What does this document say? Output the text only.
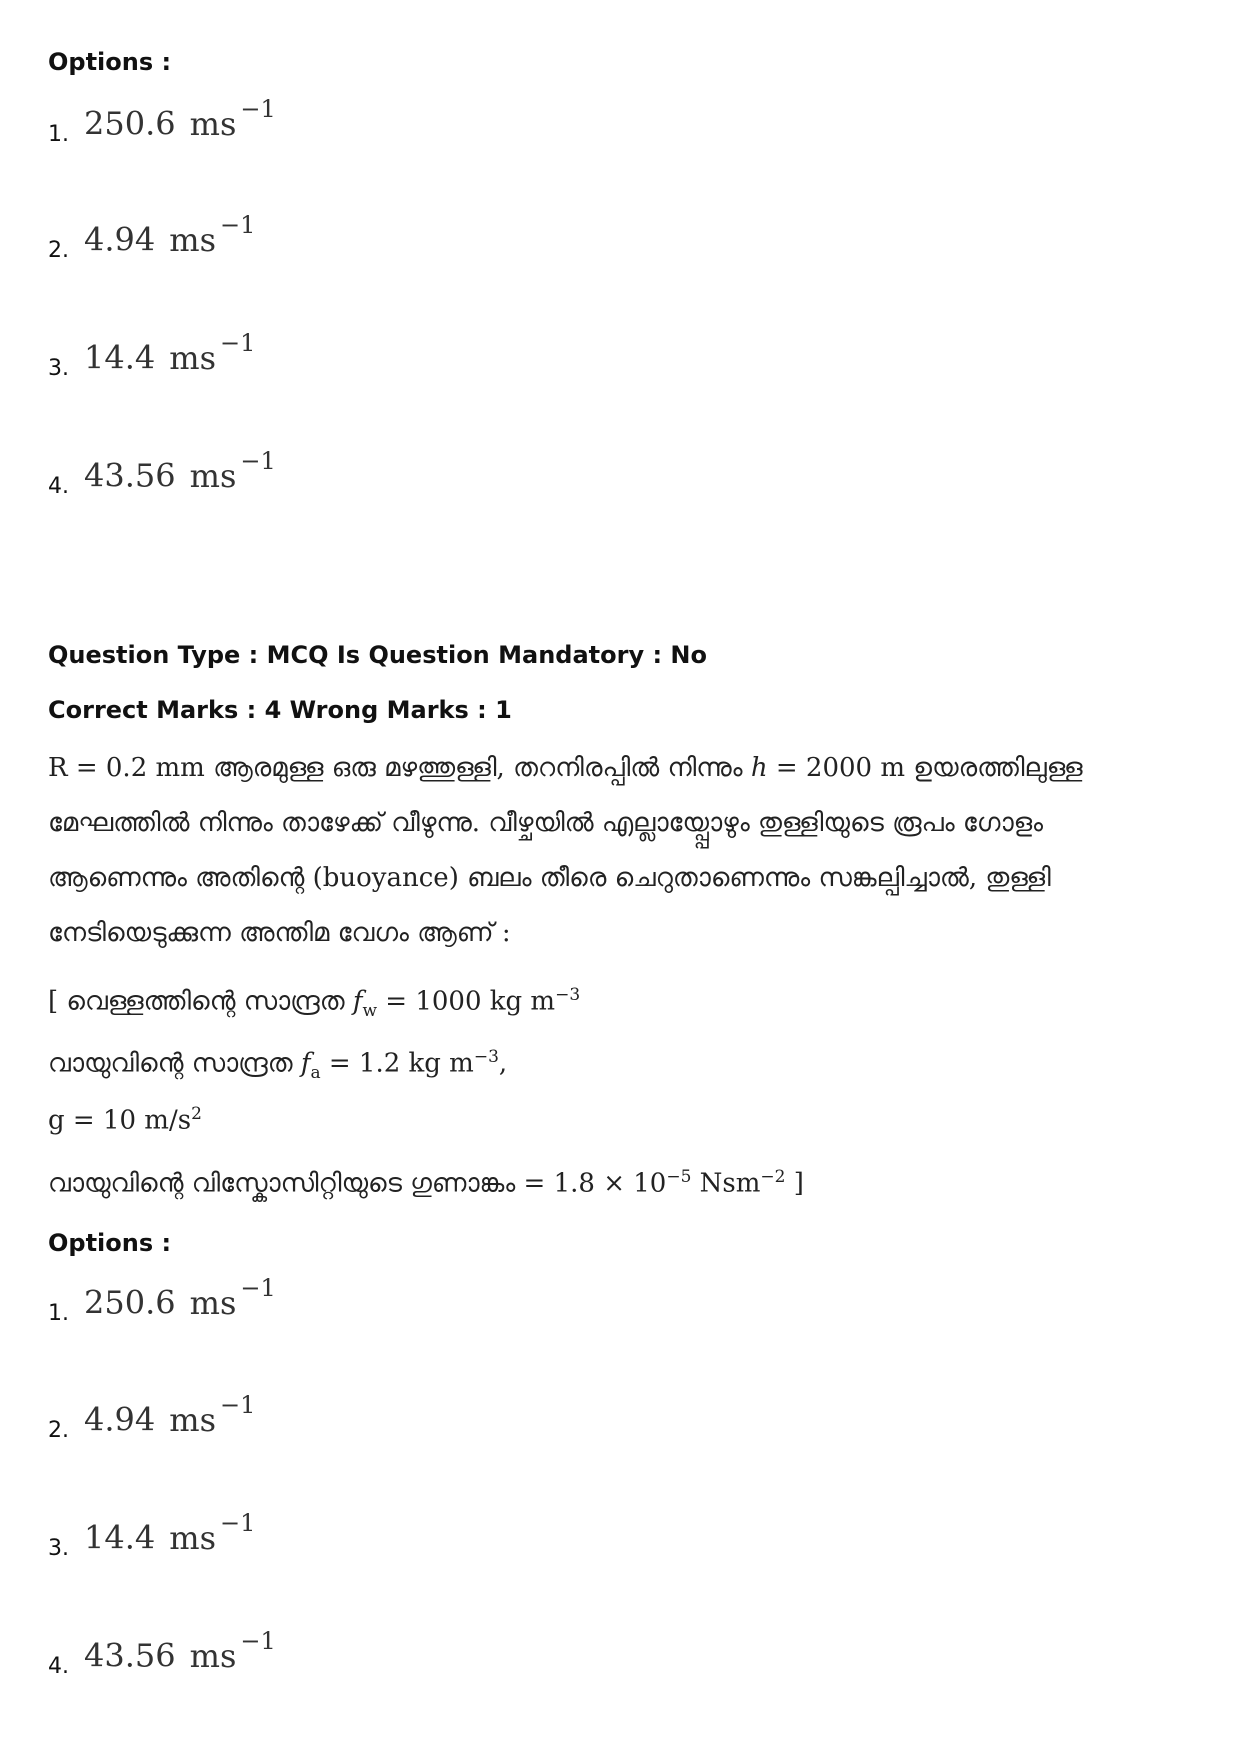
Options :
1. 250.6 ms $^{-1}$
2. 4.94 ms $^{-1}$
3. 14.4 ms $^{-1}$
4. 43.56 ms $^{-1}$
Question Type : MCQ Is Question Mandatory : No
Correct Marks : 4 Wrong Marks : 1
R = 0.2 mm ആരമുള്ള ഒരു മഴത്തുള്ളി, തറനിരപ്പിൽ നിന്നും h = 2000 m ഉയരത്തിലുള്ള
മേഘത്തിൽ നിന്നും താഴേക്ക് വീഴുന്നു. വീഴ്ചയിൽ എല്ലായ്പ്പോഴും തുള്ളിയുടെ രൂപം ഗോളം
ആണെന്നും അതിന്റെ (buoyance) ബലം തീരെ ചെറുതാണെന്നും സങ്കല്പിച്ചാൽ, തുള്ളി
നേടിയെടുക്കുന്ന അന്തിമ വേഗം ആണ് :
[ വെള്ളത്തിന്റെ സാന്ദ്രത $f_w = 1000$ kg $m^{-3}$
വായുവിന്റെ സാന്ദ്രത $f_a = 1.2$ kg $m^{-3}$,
g = 10 $m/s^2$
വായുവിന്റെ വിസ്കോസിറ്റിയുടെ ഗുണാങ്കം = $1.8 \times 10^{-5}$ Nsm$^{-2}$ ]
Options :
1. 250.6 ms $^{-1}$
2. 4.94 ms $^{-1}$
3. 14.4 ms $^{-1}$
4. 43.56 ms $^{-1}$
